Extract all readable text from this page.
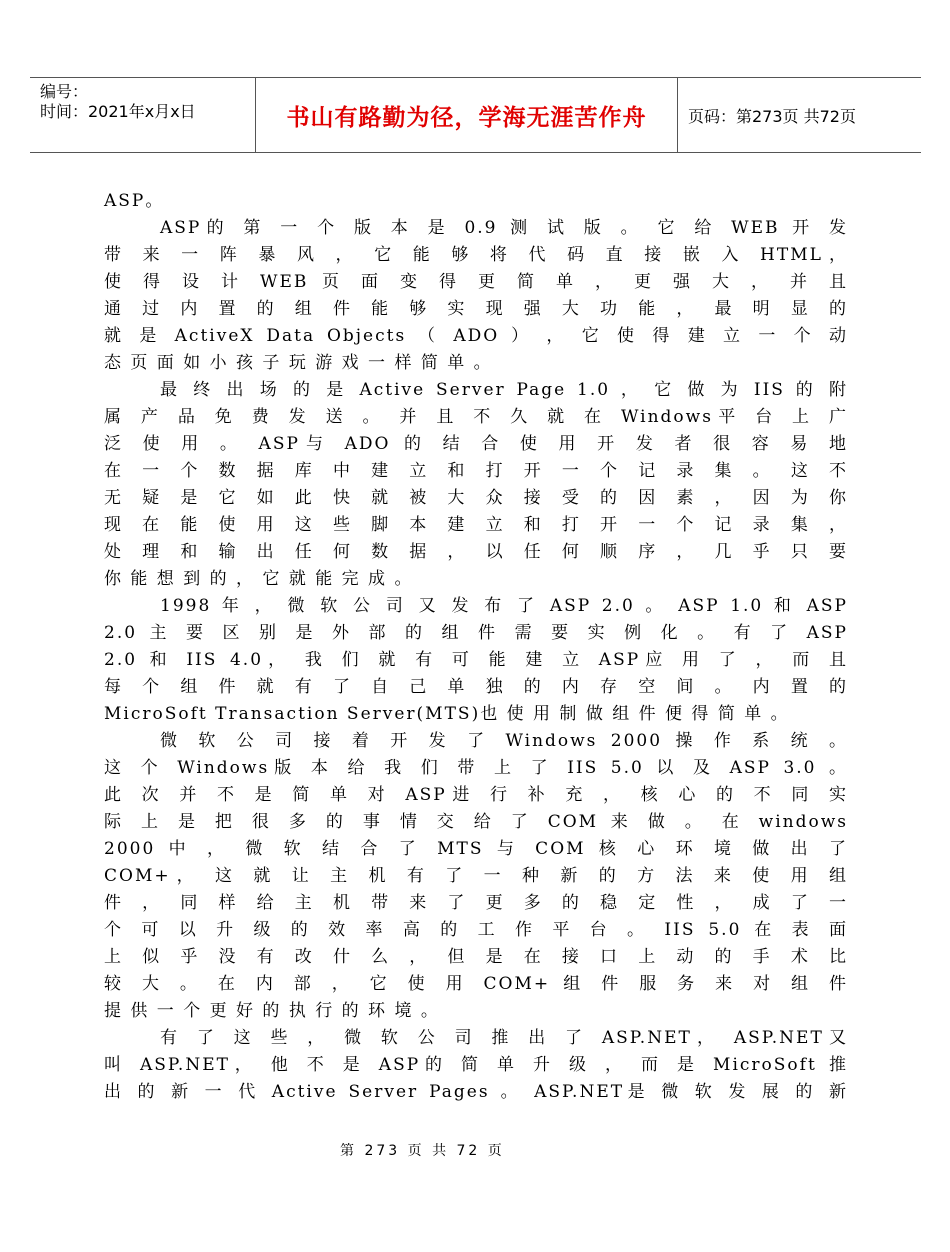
编号：
时间：2021年x月x日	书山有路勤为径，学海无涯苦作舟	页码：第273页 共72页
ASP。
ASP的 第 一 个 版 本 是 0.9 测 试 版 。 它 给 WEB 开 发
带 来 一 阵 暴 风 ， 它 能 够 将 代 码 直 接 嵌 入 HTML，
使 得 设 计 WEB 页 面 变 得 更 简 单 ， 更 强 大 ， 并 且
通 过 内 置 的 组 件 能 够 实 现 强 大 功 能 ， 最 明 显 的
就 是 ActiveX Data Objects （ ADO ） ， 它 使 得 建 立 一 个 动
态 页 面 如 小 孩 子 玩 游 戏 一 样 简 单 。
最 终 出 场 的 是 Active Server Page 1.0 ， 它 做 为 IIS 的 附
属 产 品 免 费 发 送 。 并 且 不 久 就 在 Windows平 台 上 广
泛 使 用 。 ASP与 ADO 的 结 合 使 用 开 发 者 很 容 易 地
在 一 个 数 据 库 中 建 立 和 打 开 一 个 记 录 集 。 这 不
无 疑 是 它 如 此 快 就 被 大 众 接 受 的 因 素 ， 因 为 你
现 在 能 使 用 这 些 脚 本 建 立 和 打 开 一 个 记 录 集 ，
处 理 和 输 出 任 何 数 据 ， 以 任 何 顺 序 ， 几 乎 只 要
你 能 想 到 的 ， 它 就 能 完 成 。
1998 年 ， 微 软 公 司 又 发 布 了 ASP 2.0 。 ASP 1.0 和 ASP
2.0 主 要 区 别 是 外 部 的 组 件 需 要 实 例 化 。 有 了 ASP
2.0 和 IIS 4.0， 我 们 就 有 可 能 建 立 ASP应 用 了 ， 而 且
每 个 组 件 就 有 了 自 己 单 独 的 内 存 空 间 。 内 置 的
MicroSoft Transaction Server(MTS)也 使 用 制 做 组 件 便 得 简 单 。
微 软 公 司 接 着 开 发 了 Windows 2000 操 作 系 统 。
这 个 Windows版 本 给 我 们 带 上 了 IIS 5.0 以 及 ASP 3.0 。
此 次 并 不 是 简 单 对 ASP进 行 补 充 ， 核 心 的 不 同 实
际 上 是 把 很 多 的 事 情 交 给 了 COM 来 做 。 在 windows
2000 中 ， 微 软 结 合 了 MTS 与 COM 核 心 环 境 做 出 了
COM+， 这 就 让 主 机 有 了 一 种 新 的 方 法 来 使 用 组
件 ， 同 样 给 主 机 带 来 了 更 多 的 稳 定 性 ， 成 了 一
个 可 以 升 级 的 效 率 高 的 工 作 平 台 。 IIS 5.0 在 表 面
上 似 乎 没 有 改 什 么 ， 但 是 在 接 口 上 动 的 手 术 比
较 大 。 在 内 部 ， 它 使 用 COM+ 组 件 服 务 来 对 组 件
提 供 一 个 更 好 的 执 行 的 环 境 。
有 了 这 些 ， 微 软 公 司 推 出 了 ASP.NET， ASP.NET又
叫 ASP.NET， 他 不 是 ASP的 简 单 升 级 ， 而 是 MicroSoft 推
出 的 新 一 代 Active Server Pages 。 ASP.NET是 微 软 发 展 的 新
第 273 页 共 72 页
